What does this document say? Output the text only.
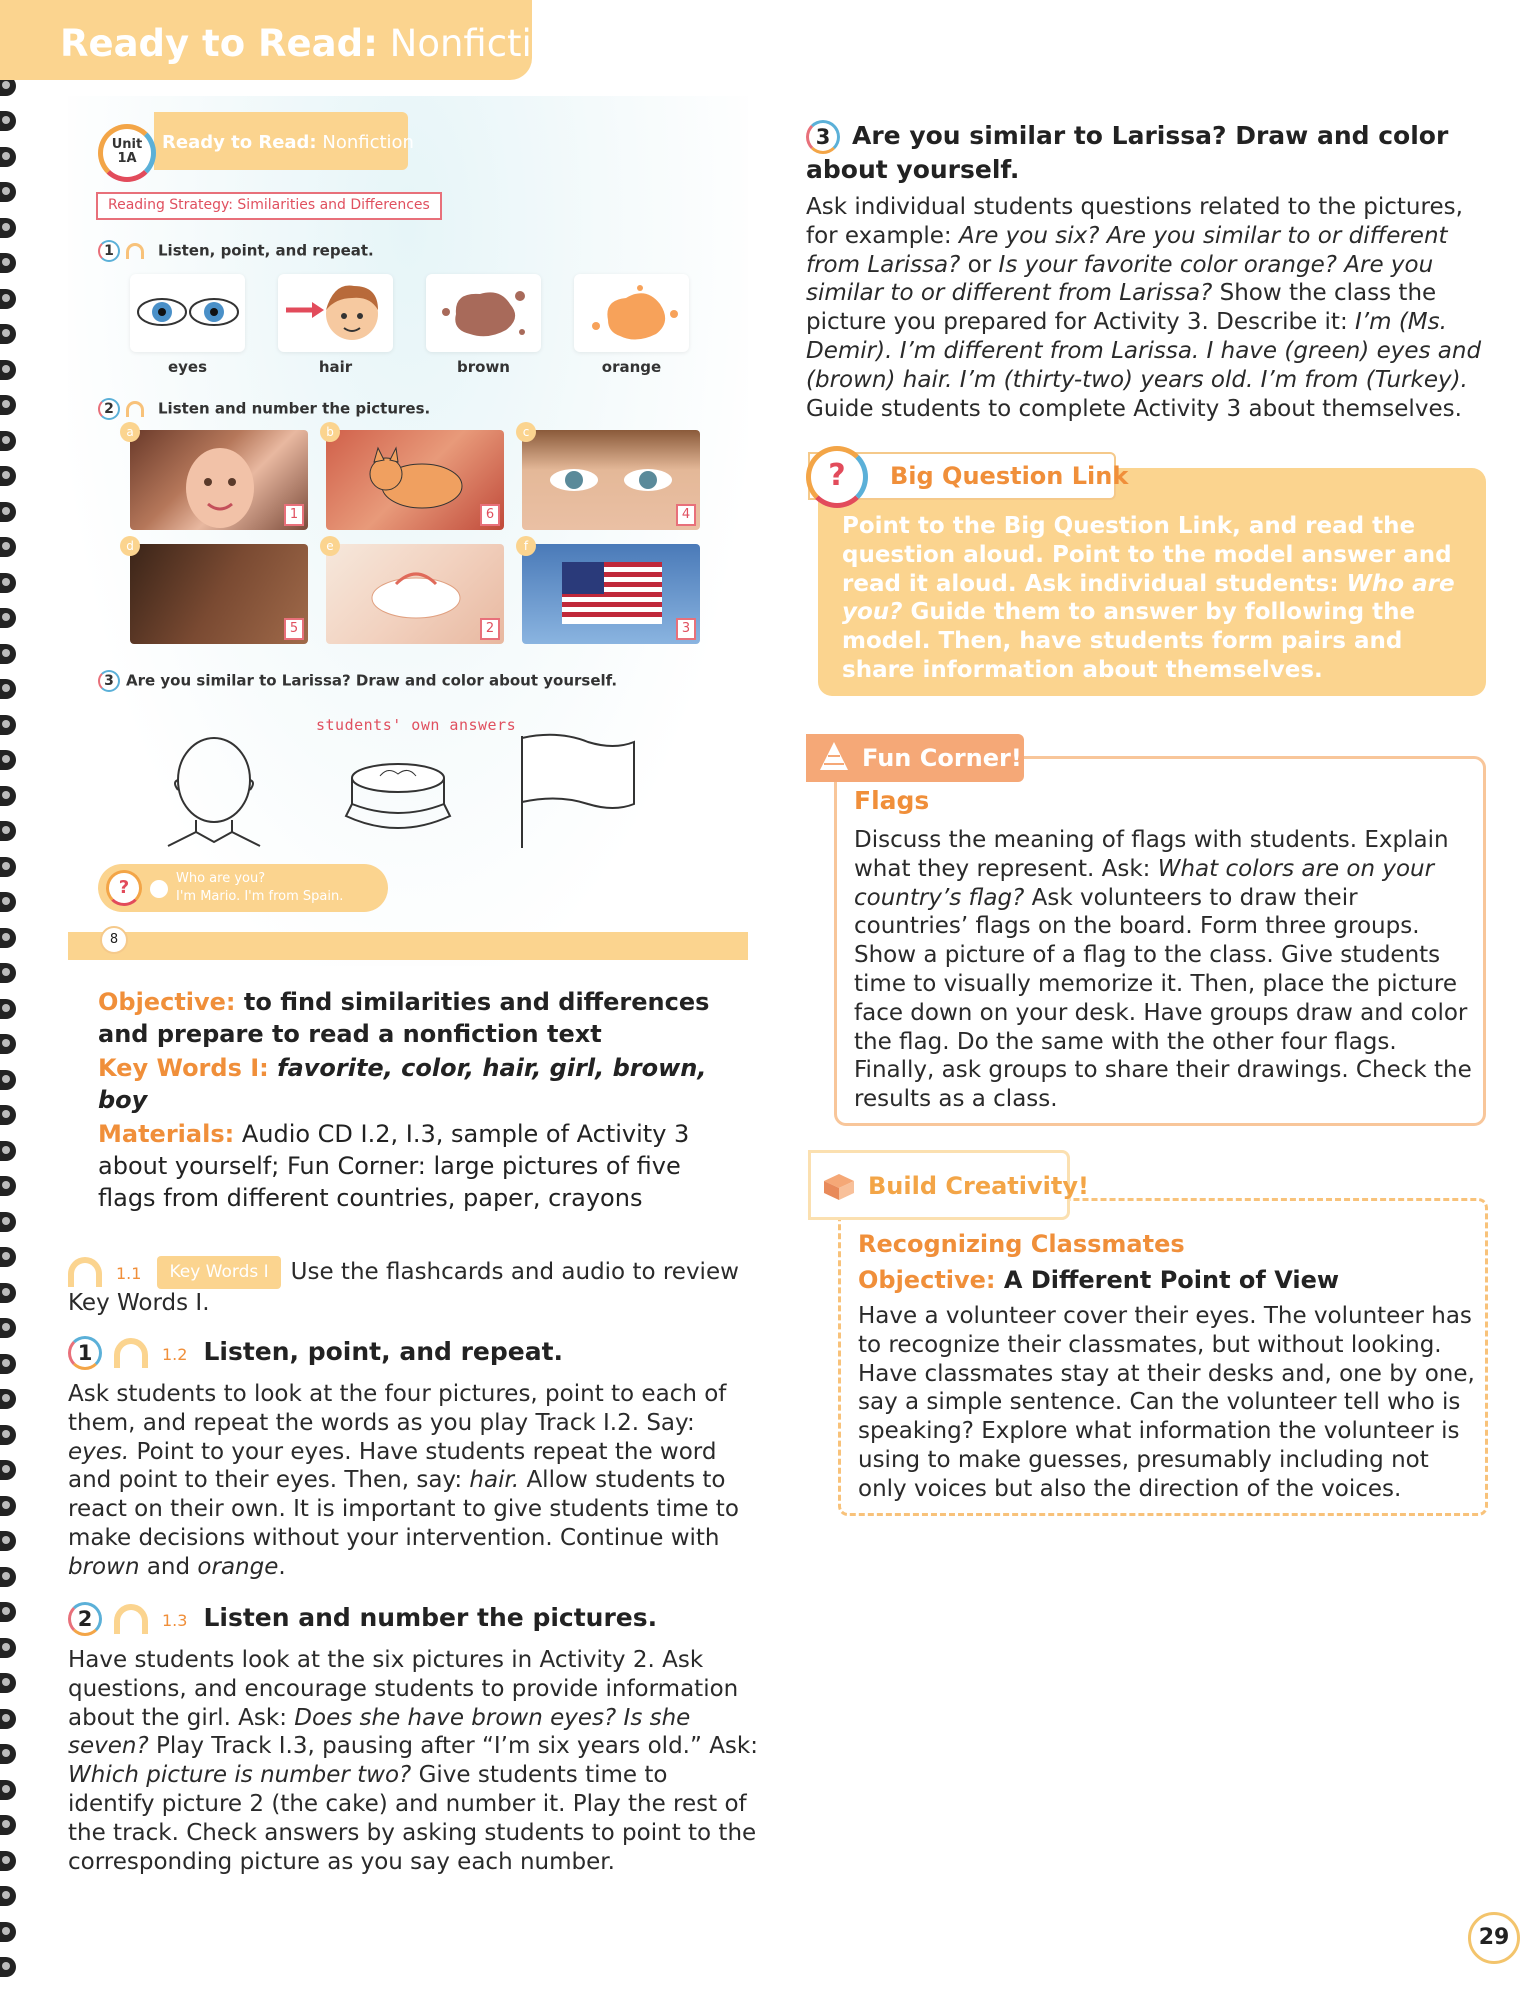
Ready to Read: Nonfiction
Ready to Read: Nonfiction
Unit
1A
Reading Strategy: Similarities and Differences
1	Listen, point, and repeat.
eyes	hair	brown	orange
2	Listen and number the pictures.
1
a
6
b
4
c
5
d
2
e
3
f
3 Are you similar to Larissa? Draw and color about yourself.
students' own answers
?	Who are you?
I'm Mario. I'm from Spain.
8
Objective: to find similarities and differences and prepare to read a nonfiction text
Key Words I: favorite, color, hair, girl, brown, boy
Materials: Audio CD I.2, I.3, sample of Activity 3 about yourself; Fun Corner: large pictures of five flags from different countries, paper, crayons
1.1 Key Words I Use the flashcards and audio to review Key Words I.
1	1.2 Listen, point, and repeat.
Ask students to look at the four pictures, point to each of them, and repeat the words as you play Track I.2. Say: eyes. Point to your eyes. Have students repeat the word and point to their eyes. Then, say: hair. Allow students to react on their own. It is important to give students time to make decisions without your intervention. Continue with brown and orange.
2	1.3 Listen and number the pictures.
Have students look at the six pictures in Activity 2. Ask questions, and encourage students to provide information about the girl. Ask: Does she have brown eyes? Is she seven? Play Track I.3, pausing after “I’m six years old.” Ask: Which picture is number two? Give students time to identify picture 2 (the cake) and number it. Play the rest of the track. Check answers by asking students to point to the corresponding picture as you say each number.
3 Are you similar to Larissa? Draw and color about yourself.
Ask individual students questions related to the pictures, for example: Are you six? Are you similar to or different from Larissa? or Is your favorite color orange? Are you similar to or different from Larissa? Show the class the picture you prepared for Activity 3. Describe it: I’m (Ms. Demir). I’m different from Larissa. I have (green) eyes and (brown) hair. I’m (thirty-two) years old. I’m from (Turkey). Guide students to complete Activity 3 about themselves.
?	Big Question Link
Point to the Big Question Link, and read the question aloud. Point to the model answer and read it aloud. Ask individual students: Who are you? Guide them to answer by following the model. Then, have students form pairs and share information about themselves.
Fun Corner!
Flags
Discuss the meaning of flags with students. Explain what they represent. Ask: What colors are on your country’s flag? Ask volunteers to draw their countries’ flags on the board. Form three groups. Show a picture of a flag to the class. Give students time to visually memorize it. Then, place the picture face down on your desk. Have groups draw and color the flag. Do the same with the other four flags. Finally, ask groups to share their drawings. Check the results as a class.
Build Creativity!
Recognizing Classmates
Objective: A Different Point of View
Have a volunteer cover their eyes. The volunteer has to recognize their classmates, but without looking. Have classmates stay at their desks and, one by one, say a simple sentence. Can the volunteer tell who is speaking? Explore what information the volunteer is using to make guesses, presumably including not only voices but also the direction of the voices.
29
